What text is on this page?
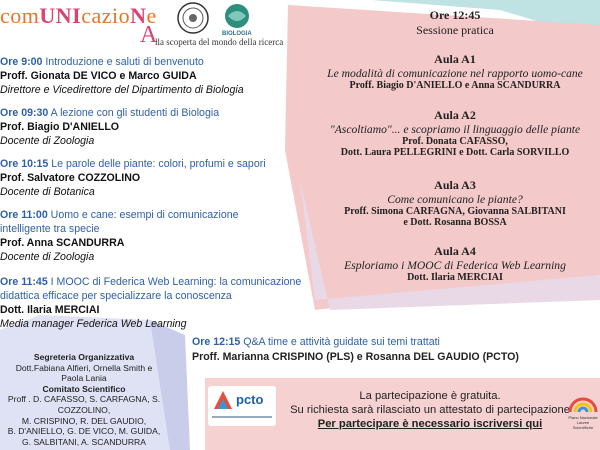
comUNIcazioNe
A
lla scoperta del mondo della ricerca
BIOLOGIA
Ore 9:00 Introduzione e saluti di benvenuto
Proff. Gionata DE VICO e Marco GUIDA
Direttore e Vicedirettore del Dipartimento di Biologia
Ore 09:30 A lezione con gli studenti di Biologia
Prof. Biagio D'ANIELLO
Docente di Zoologia
Ore 10:15 Le parole delle piante: colori, profumi e sapori
Prof. Salvatore COZZOLINO
Docente di Botanica
Ore 11:00 Uomo e cane: esempi di comunicazione
intelligente tra specie
Prof. Anna SCANDURRA
Docente di Zoologia
Ore 11:45 I MOOC di Federica Web Learning: la comunicazione
didattica efficace per specializzare la conoscenza
Dott. Ilaria MERCIAI
Media manager Federica Web Learning
Ore 12:45
Sessione pratica
Aula A1
Le modalità di comunicazione nel rapporto uomo-cane
Proff. Biagio D'ANIELLO e Anna SCANDURRA
Aula A2
"Ascoltiamo"... e scopriamo il linguaggio delle piante
Prof. Donata CAFASSO,
Dott. Laura PELLEGRINI e Dott. Carla SORVILLO
Aula A3
Come comunicano le piante?
Proff. Simona CARFAGNA, Giovanna SALBITANI
e Dott. Rosanna BOSSA
Aula A4
Esploriamo i MOOC di Federica Web Learning
Dott. Ilaria MERCIAI
Ore 12:15 Q&A time e attività guidate sui temi trattati
Proff. Marianna CRISPINO (PLS) e Rosanna DEL GAUDIO (PCTO)
Segreteria Organizzativa
Dott.Fabiana Alfieri, Ornella Smith e
Paola Lania
Comitato Scientifico
Proff . D. CAFASSO, S. CARFAGNA, S.
COZZOLINO,
M. CRISPINO, R. DEL GAUDIO,
B. D'ANIELLO, G. DE VICO, M. GUIDA,
G. SALBITANI, A. SCANDURRA
pcto	La partecipazione è gratuita.
Su richiesta sarà rilasciato un attestato di partecipazione
Per partecipare è necessario iscriversi qui
Piano Nazionale Lauree Scientifiche
